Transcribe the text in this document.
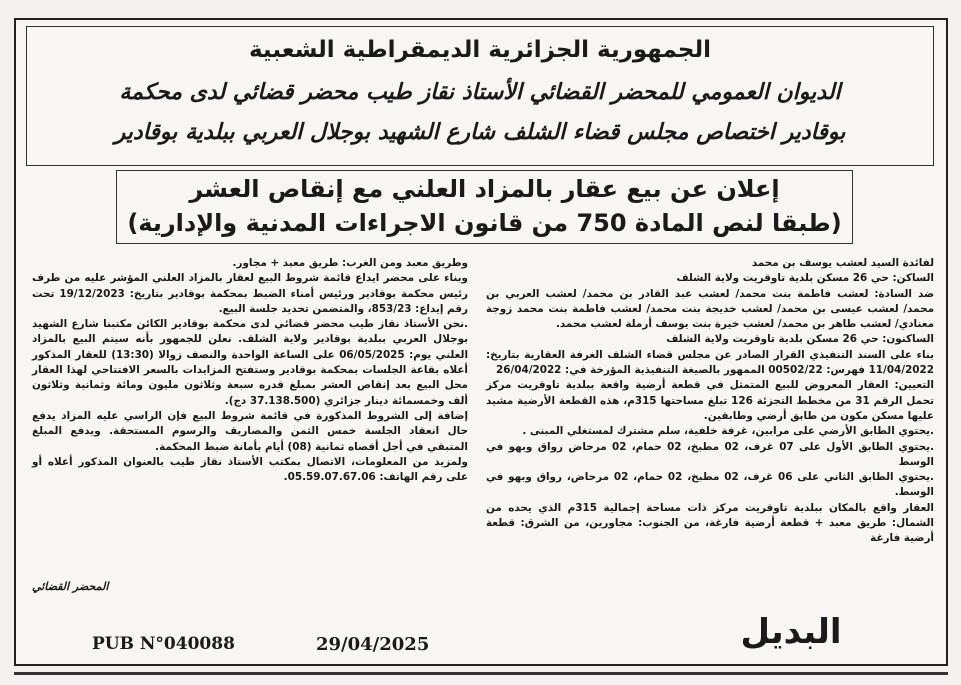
الجمهورية الجزائرية الديمقراطية الشعبية
الديوان العمومي للمحضر القضائي الأستاذ نقاز طيب محضر قضائي لدى محكمة
بوقادير اختصاص مجلس قضاء الشلف شارع الشهيد بوجلال العربي ببلدية بوقادير
إعلان عن بيع عقار بالمزاد العلني مع إنقاص العشر
(طبقا لنص المادة 750 من قانون الاجراءات المدنية والإدارية)

لفائدة السيد لعشب يوسف بن محمد

الساكن: حي 26 مسكن بلدية تاوقريت ولاية الشلف

ضد السادة: لعشب فاطمة بنت محمد/ لعشب عبد القادر بن محمد/ لعشب العربي بن محمد/ لعشب عيسى بن محمد/ لعشب خديجة بنت محمد/ لعشب فاطمة بنت محمد زوجة معنادي/ لعشب طاهر بن محمد/ لعشب خيرة بنت يوسف أرملة لعشب محمد.

الساكنون: حي 26 مسكن بلدية تاوقريت ولاية الشلف

بناء على السند التنفيذي القرار الصادر عن مجلس قضاء الشلف الغرفة العقارية بتاريخ: 11/04/2022 فهرس: 00502/22 الممهور بالصيغة التنفيذية المؤرخة في: 26/04/2022

التعيين: العقار المعروض للبيع المتمثل في قطعة أرضية واقعة ببلدية تاوقريت مركز تحمل الرقم 31 من مخطط التجزئة 126 تبلغ مساحتها 315م، هذه القطعة الأرضية مشيد عليها مسكن مكون من طابق أرضي وطابقين.

.يحتوي الطابق الأرضي على مرابين، غرفة خلفية، سلم مشترك لمستغلي المبنى .

.يحتوي الطابق الأول على 07 غرف، 02 مطبخ، 02 حمام، 02 مرحاض رواق وبهو في الوسط

.يحتوي الطابق الثاني على 06 غرف، 02 مطبخ، 02 حمام، 02 مرحاض، رواق وبهو في الوسط.

العقار واقع بالمكان ببلدية تاوقريت مركز ذات مساحة إجمالية 315م الذي يحده من الشمال: طريق معبد + قطعة أرضية فارغة، من الجنوب: مجاورين، من الشرق: قطعة أرضية فارغة

وطريق معبد ومن الغرب: طريق معبد + مجاور.

وبناء على محضر ايداع قائمة شروط البيع لعقار بالمزاد العلني المؤشر عليه من طرف رئيس محكمة بوقادير ورئيس أمناء الضبط بمحكمة بوقادير بتاريخ: 19/12/2023 تحت رقم إيداع: 853/23، والمتضمن تحديد جلسة البيع.

.نحن الأستاذ نقاز طيب محضر قضائي لدى محكمة بوقادير الكائن مكتبنا شارع الشهيد بوجلال العربي ببلدية بوقادير ولاية الشلف. نعلن للجمهور بأنه سيتم البيع بالمزاد العلني يوم: 06/05/2025 على الساعة الواحدة والنصف زوالا (13:30) للعقار المذكور أعلاه بقاعة الجلسات بمحكمة بوقادير وستفتح المزايدات بالسعر الافتتاحي لهذا العقار محل البيع بعد إنقاص العشر بمبلغ قدره سبعة وثلاثون مليون ومائة وثمانية وثلاثون ألف وخمسمائة دينار جزائري (37.138.500 دج).

إضافة إلى الشروط المذكورة في قائمة شروط البيع فإن الراسي عليه المزاد يدفع حال انعقاد الجلسة خمس الثمن والمصاريف والرسوم المستحقة. ويدفع المبلغ المتبقي في أجل أقصاه ثمانية (08) أيام بأمانة ضبط المحكمة.

ولمزيد من المعلومات، الاتصال بمكتب الأستاذ نقاز طيب بالعنوان المذكور أعلاه أو على رقم الهاتف: 05.59.07.67.06.

المحضر القضائي
البديل
PUB N°040088	29/04/2025
